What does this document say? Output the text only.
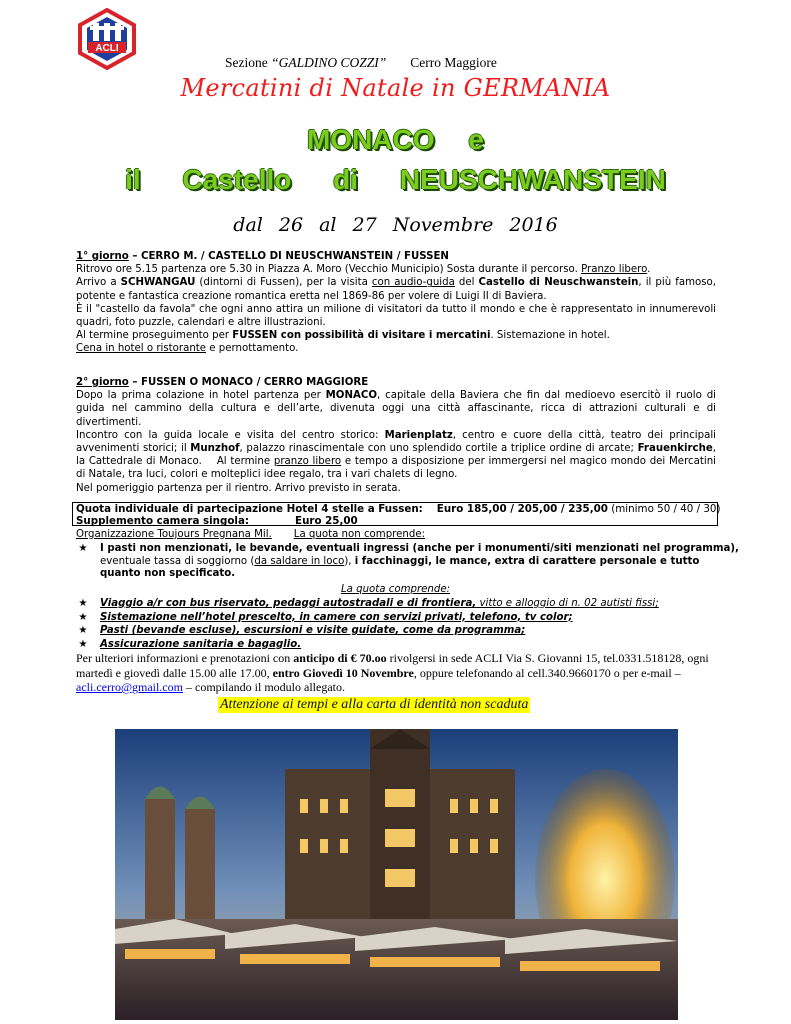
ACLI
Sezione “GALDINO COZZI” Cerro Maggiore
Mercatini di Natale in GERMANIA
MONACO e
il Castello di NEUSCHWANSTEIN
dal 26 al 27 Novembre 2016

1° giorno – CERRO M. / CASTELLO DI NEUSCHWANSTEIN / FUSSEN

Ritrovo ore 5.15 partenza ore 5.30 in Piazza A. Moro (Vecchio Municipio) Sosta durante il percorso. Pranzo libero.

Arrivo a SCHWANGAU (dintorni di Fussen), per la visita con audio-guida del Castello di Neuschwanstein, il più famoso, potente e fantastica creazione romantica eretta nel 1869-86 per volere di Luigi II di Baviera.

È il "castello da favola" che ogni anno attira un milione di visitatori da tutto il mondo e che è rappresentato in innumerevoli quadri, foto puzzle, calendari e altre illustrazioni.

Al termine proseguimento per FUSSEN con possibilità di visitare i mercatini. Sistemazione in hotel.

Cena in hotel o ristorante e pernottamento.

2° giorno – FUSSEN O MONACO / CERRO MAGGIORE

Dopo la prima colazione in hotel partenza per MONACO, capitale della Baviera che fin dal medioevo esercitò il ruolo di guida nel cammino della cultura e dell’arte, divenuta oggi una città affascinante, ricca di attrazioni culturali e di divertimenti.

Incontro con la guida locale e visita del centro storico: Marienplatz, centro e cuore della città, teatro dei principali avvenimenti storici; il Munzhof, palazzo rinascimentale con uno splendido cortile a triplice ordine di arcate; Frauenkirche, la Cattedrale di Monaco.    Al termine pranzo libero e tempo a disposizione per immergersi nel magico mondo dei Mercatini di Natale, tra luci, colori e molteplici idee regalo, tra i vari chalets di legno.

Nel pomeriggio partenza per il rientro. Arrivo previsto in serata.

Quota individuale di partecipazione Hotel 4 stelle a Fussen: Euro 185,00 / 205,00 / 235,00 (minimo 50 / 40 / 30)
Supplemento camera singola:	Euro 25,00
Organizzazione Toujours Pregnana Mil. La quota non comprende:
★ I pasti non menzionati, le bevande, eventuali ingressi (anche per i monumenti/siti menzionati nel programma),
eventuale tassa di soggiorno (da saldare in loco), i facchinaggi, le mance, extra di carattere personale e tutto quanto non specificato.
La quota comprende:
★ Viaggio a/r con bus riservato, pedaggi autostradali e di frontiera, vitto e alloggio di n. 02 autisti fissi;
★ Sistemazione nell’hotel prescelto, in camere con servizi privati, telefono, tv color;
★ Pasti (bevande escluse), escursioni e visite guidate, come da programma;
★ Assicurazione sanitaria e bagaglio.
Per ulteriori informazioni e prenotazioni con anticipo di € 70.oo rivolgersi in sede ACLI Via S. Giovanni 15, tel.0331.518128, ogni martedì e giovedì dalle 15.00 alle 17.00, entro Giovedì 10 Novembre, oppure telefonando al cell.340.9660170 o per e-mail – acli.cerro@gmail.com – compilando il modulo allegato.
Attenzione ai tempi e alla carta di identità non scaduta
